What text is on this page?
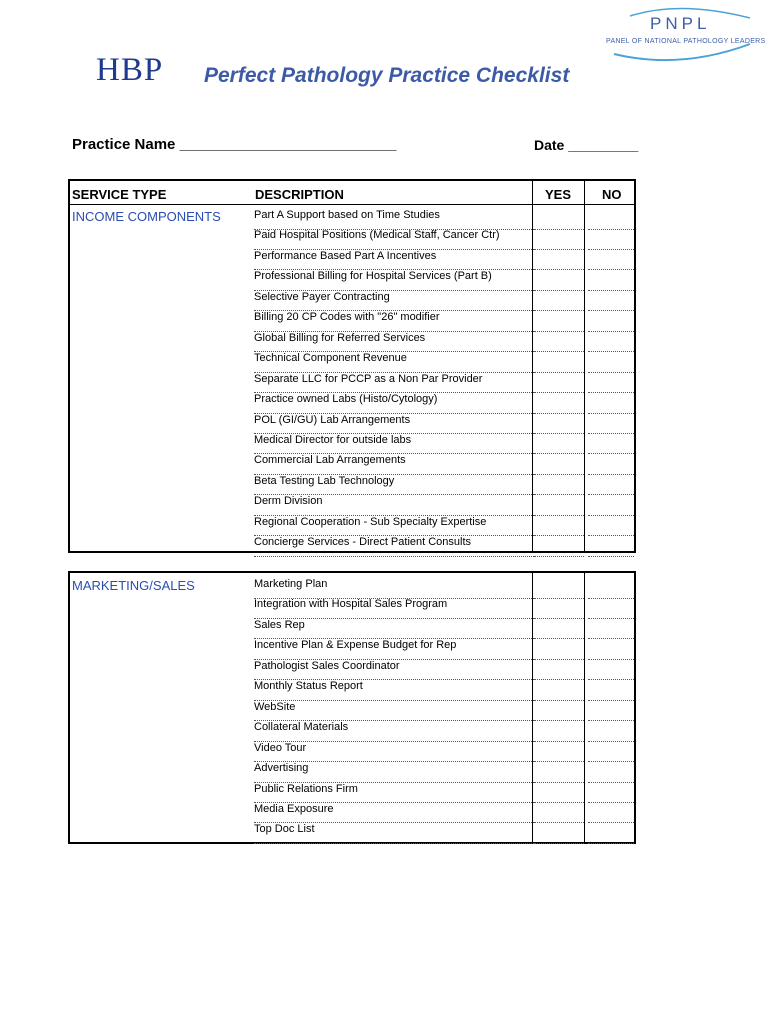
HBP
PNPL
PANEL OF NATIONAL PATHOLOGY LEADERS
Perfect Pathology Practice Checklist
Practice Name __________________________	Date _________
SERVICE TYPE	DESCRIPTION	YES NO
INCOME COMPONENTS	Part A Support based on Time Studies
Paid Hospital Positions (Medical Staff, Cancer Ctr)
Performance Based Part A Incentives
Professional Billing for Hospital Services (Part B)
Selective Payer Contracting
Billing 20 CP Codes with "26" modifier
Global Billing for Referred Services
Technical Component Revenue
Separate LLC for PCCP as a Non Par Provider
Practice owned Labs (Histo/Cytology)
POL (GI/GU) Lab Arrangements
Medical Director for outside labs
Commercial Lab Arrangements
Beta Testing Lab Technology
Derm Division
Regional Cooperation - Sub Specialty Expertise
Concierge Services - Direct Patient Consults
MARKETING/SALES	Marketing Plan
Integration with Hospital Sales Program
Sales Rep
Incentive Plan & Expense Budget for Rep
Pathologist Sales Coordinator
Monthly Status Report
WebSite
Collateral Materials
Video Tour
Advertising
Public Relations Firm
Media Exposure
Top Doc List
